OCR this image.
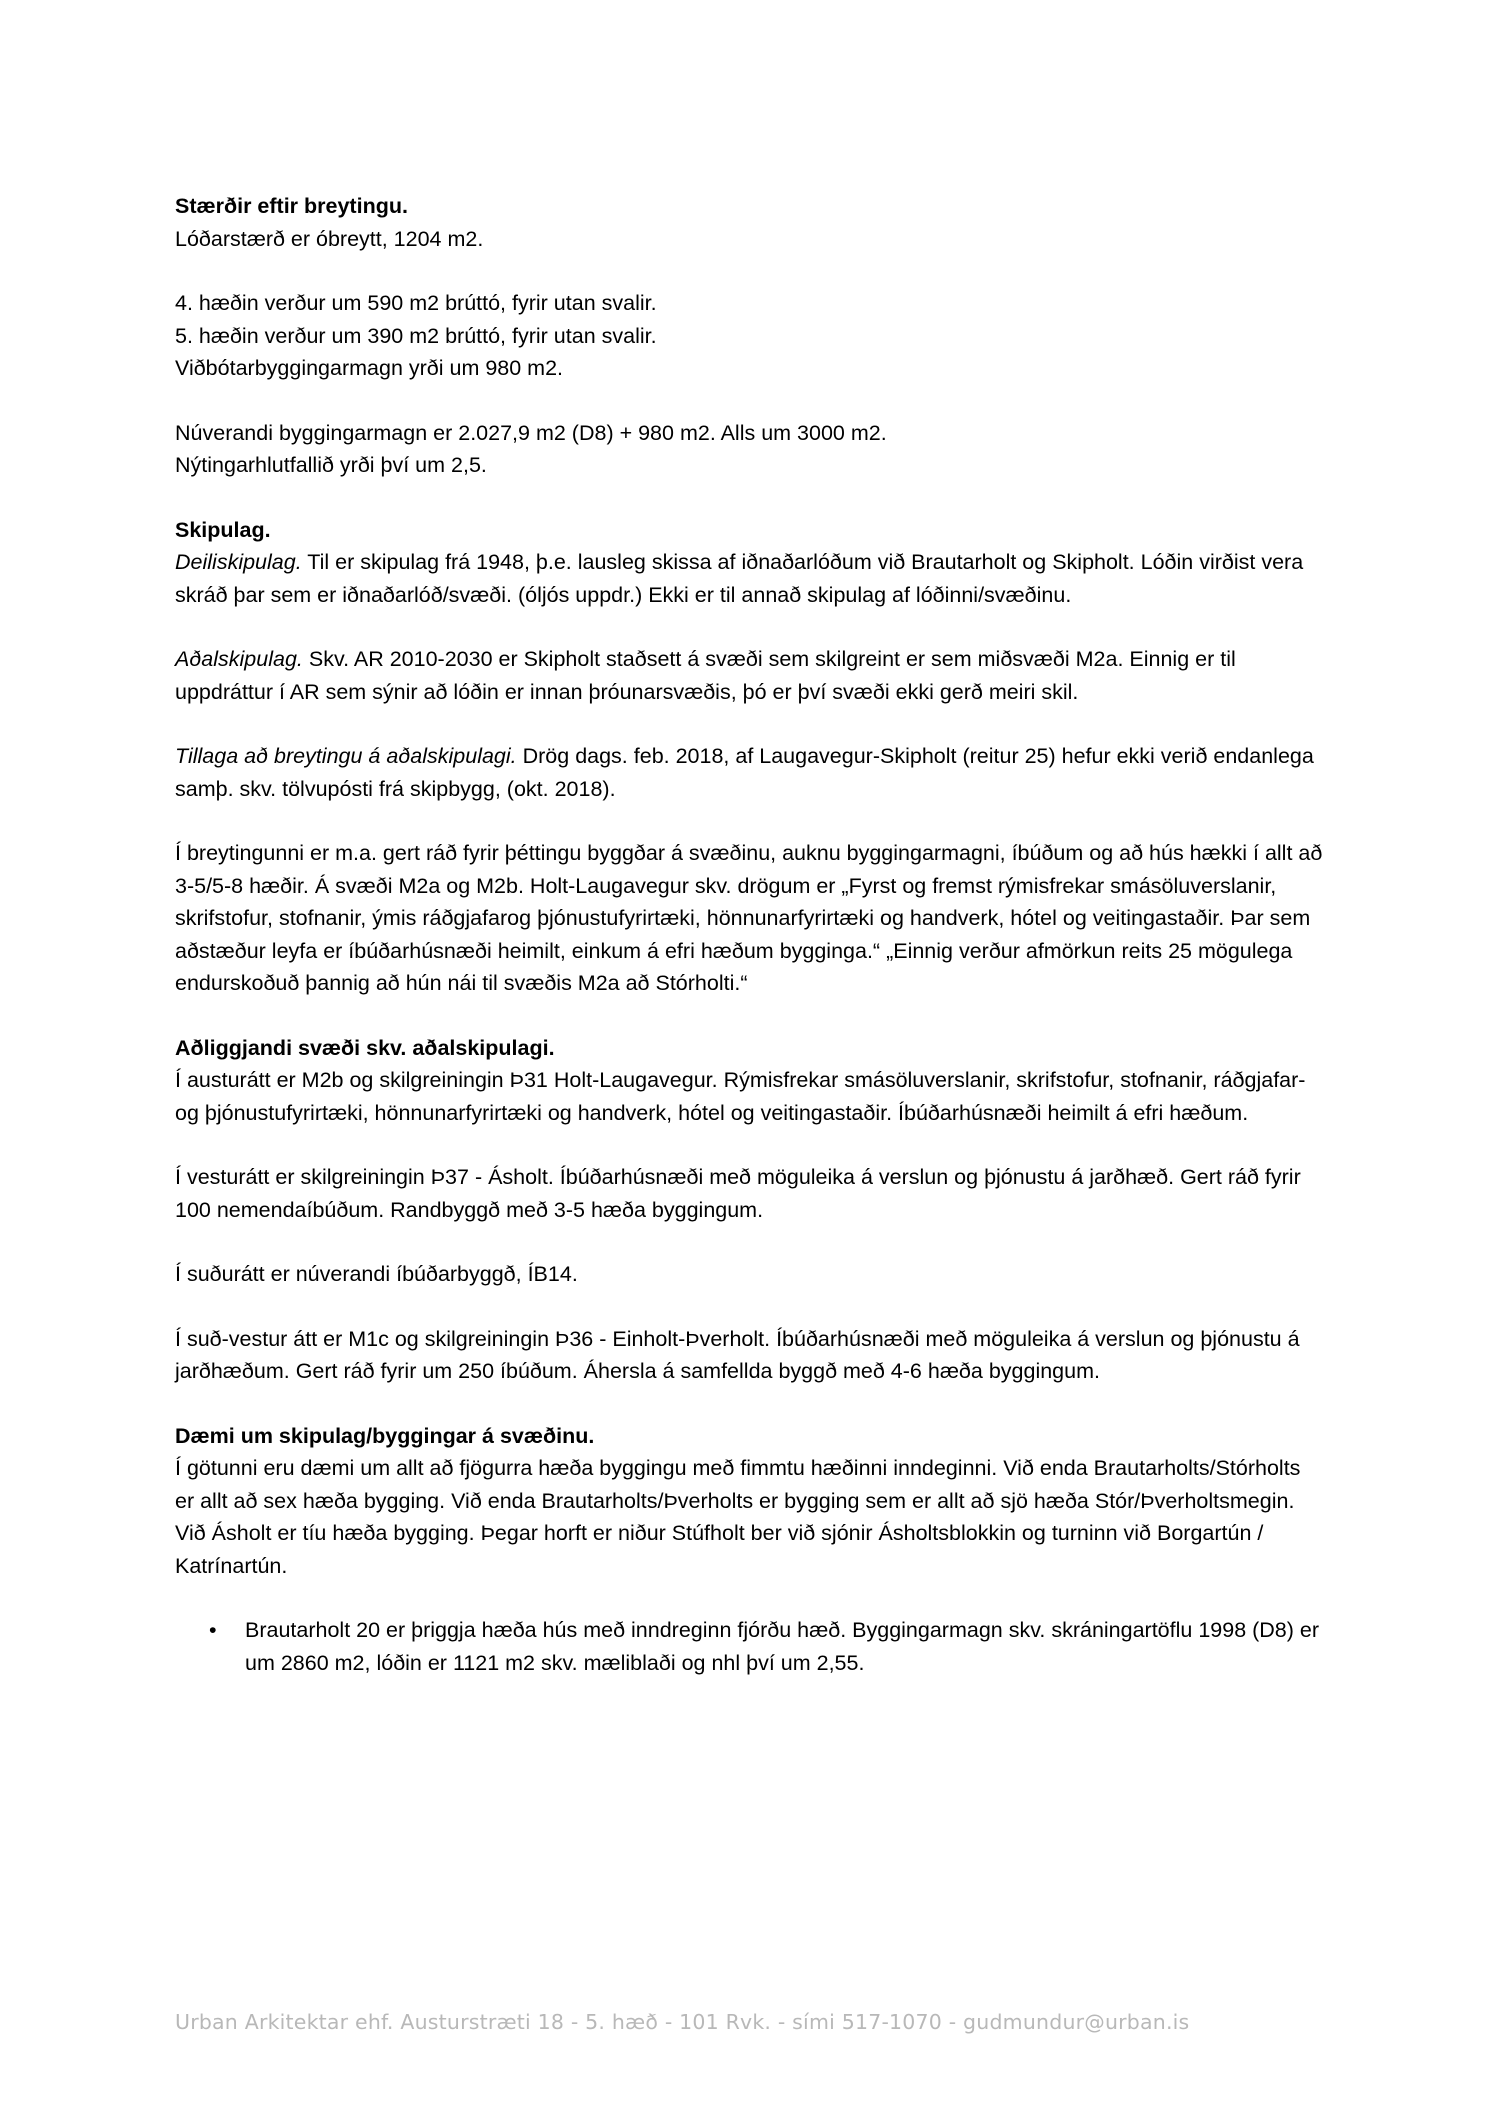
Stærðir eftir breytingu.
Lóðarstærð er óbreytt, 1204 m2.
4. hæðin verður um 590 m2 brúttó, fyrir utan svalir.
5. hæðin verður um 390 m2 brúttó, fyrir utan svalir.
Viðbótarbyggingarmagn yrði um 980 m2.
Núverandi byggingarmagn er 2.027,9 m2 (D8) + 980 m2. Alls um 3000 m2.
Nýtingarhlutfallið yrði því um 2,5.
Skipulag.
Deiliskipulag. Til er skipulag frá 1948, þ.e. lausleg skissa af iðnaðarlóðum við Brautarholt og Skipholt. Lóðin virðist vera skráð þar sem er iðnaðarlóð/svæði. (óljós uppdr.) Ekki er til annað skipulag af lóðinni/svæðinu.
Aðalskipulag. Skv. AR 2010-2030 er Skipholt staðsett á svæði sem skilgreint er sem miðsvæði M2a. Einnig er til uppdráttur í AR sem sýnir að lóðin er innan þróunarsvæðis, þó er því svæði ekki gerð meiri skil.
Tillaga að breytingu á aðalskipulagi. Drög dags. feb. 2018, af Laugavegur-Skipholt (reitur 25) hefur ekki verið endanlega samþ. skv. tölvupósti frá skipbygg, (okt. 2018).
Í breytingunni er m.a. gert ráð fyrir þéttingu byggðar á svæðinu, auknu byggingarmagni, íbúðum og að hús hækki í allt að 3-5/5-8 hæðir. Á svæði M2a og M2b. Holt-Laugavegur skv. drögum er „Fyrst og fremst rýmisfrekar smásöluverslanir, skrifstofur, stofnanir, ýmis ráðgjafarog þjónustufyrirtæki, hönnunarfyrirtæki og handverk, hótel og veitingastaðir. Þar sem aðstæður leyfa er íbúðarhúsnæði heimilt, einkum á efri hæðum bygginga.“ „Einnig verður afmörkun reits 25 mögulega endurskoðuð þannig að hún nái til svæðis M2a að Stórholti.“
Aðliggjandi svæði skv. aðalskipulagi.
Í austurátt er M2b og skilgreiningin Þ31 Holt-Laugavegur. Rýmisfrekar smásöluverslanir, skrifstofur, stofnanir, ráðgjafar- og þjónustufyrirtæki, hönnunarfyrirtæki og handverk, hótel og veitingastaðir. Íbúðarhúsnæði heimilt á efri hæðum.
Í vesturátt er skilgreiningin Þ37 - Ásholt. Íbúðarhúsnæði með möguleika á verslun og þjónustu á jarðhæð. Gert ráð fyrir 100 nemendaíbúðum. Randbyggð með 3-5 hæða byggingum.
Í suðurátt er núverandi íbúðarbyggð, ÍB14.
Í suð-vestur átt er M1c og skilgreiningin Þ36 - Einholt-Þverholt. Íbúðarhúsnæði með möguleika á verslun og þjónustu á jarðhæðum. Gert ráð fyrir um 250 íbúðum. Áhersla á samfellda byggð með 4-6 hæða byggingum.
Dæmi um skipulag/byggingar á svæðinu.
Í götunni eru dæmi um allt að fjögurra hæða byggingu með fimmtu hæðinni inndeginni. Við enda Brautarholts/Stórholts er allt að sex hæða bygging. Við enda Brautarholts/Þverholts er bygging sem er allt að sjö hæða Stór/Þverholtsmegin. Við Ásholt er tíu hæða bygging. Þegar horft er niður Stúfholt ber við sjónir Ásholtsblokkin og turninn við Borgartún / Katrínartún.
• Brautarholt 20 er þriggja hæða hús með inndreginn fjórðu hæð. Byggingarmagn skv. skráningartöflu 1998 (D8) er um 2860 m2, lóðin er 1121 m2 skv. mæliblaði og nhl því um 2,55.
Urban Arkitektar ehf. Austurstræti 18 - 5. hæð - 101 Rvk. - sími 517-1070 - gudmundur@urban.is
